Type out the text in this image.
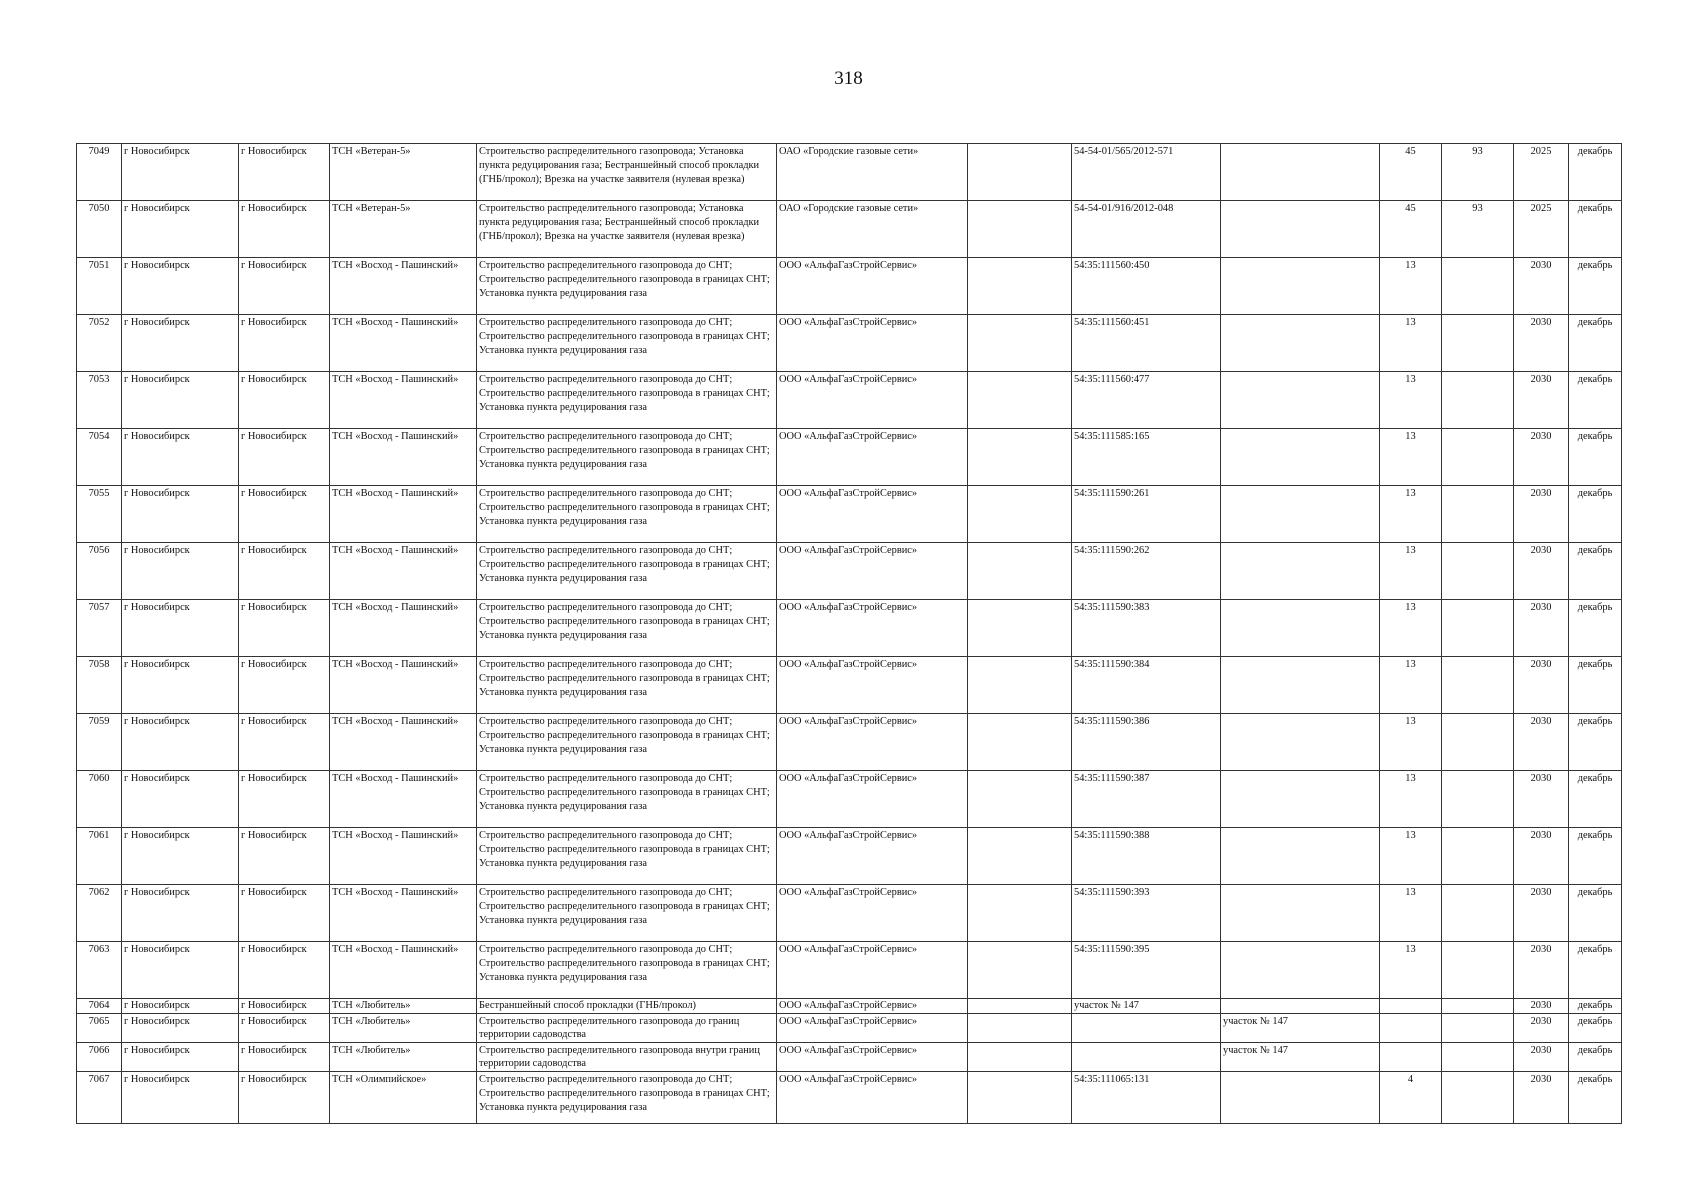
318
7049	г Новосибирск	г Новосибирск	ТСН «Ветеран-5»	Строительство распределительного газопровода; Установка пункта редуцирования газа; Бестраншейный способ прокладки (ГНБ/прокол); Врезка на участке заявителя (нулевая врезка)	ОАО «Городские газовые сети»		54-54-01/565/2012-571		45	93	2025	декабрь
7050	г Новосибирск	г Новосибирск	ТСН «Ветеран-5»	Строительство распределительного газопровода; Установка пункта редуцирования газа; Бестраншейный способ прокладки (ГНБ/прокол); Врезка на участке заявителя (нулевая врезка)	ОАО «Городские газовые сети»		54-54-01/916/2012-048		45	93	2025	декабрь
7051	г Новосибирск	г Новосибирск	ТСН «Восход - Пашинский»	Строительство распределительного газопровода до СНТ; Строительство распределительного газопровода в границах СНТ; Установка пункта редуцирования газа	ООО «АльфаГазСтройСервис»		54:35:111560:450		13		2030	декабрь
7052	г Новосибирск	г Новосибирск	ТСН «Восход - Пашинский»	Строительство распределительного газопровода до СНТ; Строительство распределительного газопровода в границах СНТ; Установка пункта редуцирования газа	ООО «АльфаГазСтройСервис»		54:35:111560:451		13		2030	декабрь
7053	г Новосибирск	г Новосибирск	ТСН «Восход - Пашинский»	Строительство распределительного газопровода до СНТ; Строительство распределительного газопровода в границах СНТ; Установка пункта редуцирования газа	ООО «АльфаГазСтройСервис»		54:35:111560:477		13		2030	декабрь
7054	г Новосибирск	г Новосибирск	ТСН «Восход - Пашинский»	Строительство распределительного газопровода до СНТ; Строительство распределительного газопровода в границах СНТ; Установка пункта редуцирования газа	ООО «АльфаГазСтройСервис»		54:35:111585:165		13		2030	декабрь
7055	г Новосибирск	г Новосибирск	ТСН «Восход - Пашинский»	Строительство распределительного газопровода до СНТ; Строительство распределительного газопровода в границах СНТ; Установка пункта редуцирования газа	ООО «АльфаГазСтройСервис»		54:35:111590:261		13		2030	декабрь
7056	г Новосибирск	г Новосибирск	ТСН «Восход - Пашинский»	Строительство распределительного газопровода до СНТ; Строительство распределительного газопровода в границах СНТ; Установка пункта редуцирования газа	ООО «АльфаГазСтройСервис»		54:35:111590:262		13		2030	декабрь
7057	г Новосибирск	г Новосибирск	ТСН «Восход - Пашинский»	Строительство распределительного газопровода до СНТ; Строительство распределительного газопровода в границах СНТ; Установка пункта редуцирования газа	ООО «АльфаГазСтройСервис»		54:35:111590:383		13		2030	декабрь
7058	г Новосибирск	г Новосибирск	ТСН «Восход - Пашинский»	Строительство распределительного газопровода до СНТ; Строительство распределительного газопровода в границах СНТ; Установка пункта редуцирования газа	ООО «АльфаГазСтройСервис»		54:35:111590:384		13		2030	декабрь
7059	г Новосибирск	г Новосибирск	ТСН «Восход - Пашинский»	Строительство распределительного газопровода до СНТ; Строительство распределительного газопровода в границах СНТ; Установка пункта редуцирования газа	ООО «АльфаГазСтройСервис»		54:35:111590:386		13		2030	декабрь
7060	г Новосибирск	г Новосибирск	ТСН «Восход - Пашинский»	Строительство распределительного газопровода до СНТ; Строительство распределительного газопровода в границах СНТ; Установка пункта редуцирования газа	ООО «АльфаГазСтройСервис»		54:35:111590:387		13		2030	декабрь
7061	г Новосибирск	г Новосибирск	ТСН «Восход - Пашинский»	Строительство распределительного газопровода до СНТ; Строительство распределительного газопровода в границах СНТ; Установка пункта редуцирования газа	ООО «АльфаГазСтройСервис»		54:35:111590:388		13		2030	декабрь
7062	г Новосибирск	г Новосибирск	ТСН «Восход - Пашинский»	Строительство распределительного газопровода до СНТ; Строительство распределительного газопровода в границах СНТ; Установка пункта редуцирования газа	ООО «АльфаГазСтройСервис»		54:35:111590:393		13		2030	декабрь
7063	г Новосибирск	г Новосибирск	ТСН «Восход - Пашинский»	Строительство распределительного газопровода до СНТ; Строительство распределительного газопровода в границах СНТ; Установка пункта редуцирования газа	ООО «АльфаГазСтройСервис»		54:35:111590:395		13		2030	декабрь
7064	г Новосибирск	г Новосибирск	ТСН «Любитель»	Бестраншейный способ прокладки (ГНБ/прокол)	ООО «АльфаГазСтройСервис»		участок № 147				2030	декабрь
7065	г Новосибирск	г Новосибирск	ТСН «Любитель»	Строительство распределительного газопровода до границ территории садоводства	ООО «АльфаГазСтройСервис»			участок № 147			2030	декабрь
7066	г Новосибирск	г Новосибирск	ТСН «Любитель»	Строительство распределительного газопровода внутри границ территории садоводства	ООО «АльфаГазСтройСервис»			участок № 147			2030	декабрь
7067	г Новосибирск	г Новосибирск	ТСН «Олимпийское»	Строительство распределительного газопровода до СНТ; Строительство распределительного газопровода в границах СНТ; Установка пункта редуцирования газа	ООО «АльфаГазСтройСервис»		54:35:111065:131		4		2030	декабрь
